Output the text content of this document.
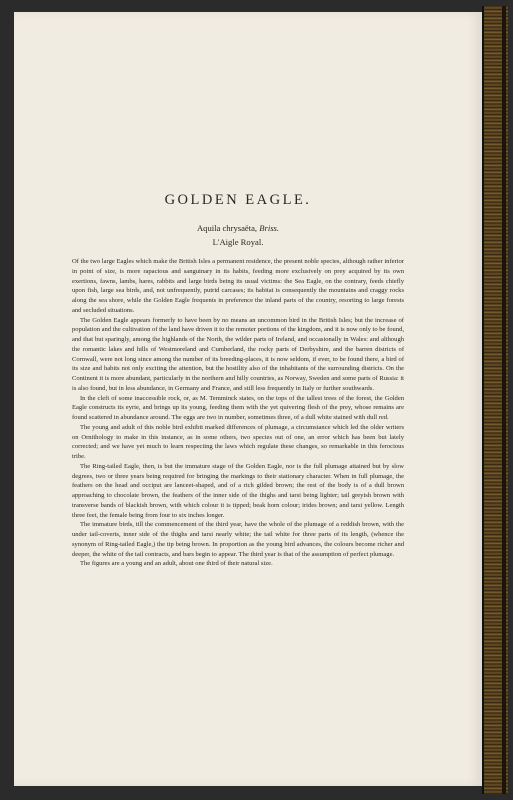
GOLDEN EAGLE.
Aquila chrysaëta, Briss.
L'Aigle Royal.

Of the two large Eagles which make the British Isles a permanent residence, the present noble species, although rather inferior in point of size, is more rapacious and sanguinary in its habits, feeding more exclusively on prey acquired by its own exertions, fawns, lambs, hares, rabbits and large birds being its usual victims: the Sea Eagle, on the contrary, feeds chiefly upon fish, large sea birds, and, not unfrequently, putrid carcases; its habitat is consequently the mountains and craggy rocks along the sea shore, while the Golden Eagle frequents in preference the inland parts of the country, resorting to large forests and secluded situations.

The Golden Eagle appears formerly to have been by no means an uncommon bird in the British Isles; but the increase of population and the cultivation of the land have driven it to the remoter portions of the kingdom, and it is now only to be found, and that but sparingly, among the highlands of the North, the wilder parts of Ireland, and occasionally in Wales: and although the romantic lakes and hills of Westmoreland and Cumberland, the rocky parts of Derbyshire, and the barren districts of Cornwall, were not long since among the number of its breeding-places, it is now seldom, if ever, to be found there, a bird of its size and habits not only exciting the attention, but the hostility also of the inhabitants of the surrounding districts. On the Continent it is more abundant, particularly in the northern and hilly countries, as Norway, Sweden and some parts of Russia: it is also found, but in less abundance, in Germany and France, and still less frequently in Italy or further southwards.

In the cleft of some inaccessible rock, or, as M. Temminck states, on the tops of the tallest trees of the forest, the Golden Eagle constructs its eyrie, and brings up its young, feeding them with the yet quivering flesh of the prey, whose remains are found scattered in abundance around. The eggs are two in number, sometimes three, of a dull white stained with dull red.

The young and adult of this noble bird exhibit marked differences of plumage, a circumstance which led the older writers on Ornithology to make in this instance, as in some others, two species out of one, an error which has been but lately corrected; and we have yet much to learn respecting the laws which regulate these changes, so remarkable in this ferocious tribe.

The Ring-tailed Eagle, then, is but the immature stage of the Golden Eagle, nor is the full plumage attained but by slow degrees, two or three years being required for bringing the markings to their stationary character. When in full plumage, the feathers on the head and occiput are lanceet-shaped, and of a rich gilded brown; the rest of the body is of a dull brown approaching to chocolate brown, the feathers of the inner side of the thighs and tarsi being lighter; tail greyish brown with transverse bands of blackish brown, with which colour it is tipped; beak horn colour; irides brown; and tarsi yellow. Length three feet, the female being from four to six inches longer.

The immature birds, till the commencement of the third year, have the whole of the plumage of a reddish brown, with the under tail-coverts, inner side of the thighs and tarsi nearly white; the tail white for three parts of its length, (whence the synonym of Ring-tailed Eagle,) the tip being brown. In proportion as the young bird advances, the colours become richer and deeper, the white of the tail contracts, and bars begin to appear. The third year is that of the assumption of perfect plumage.

The figures are a young and an adult, about one third of their natural size.
